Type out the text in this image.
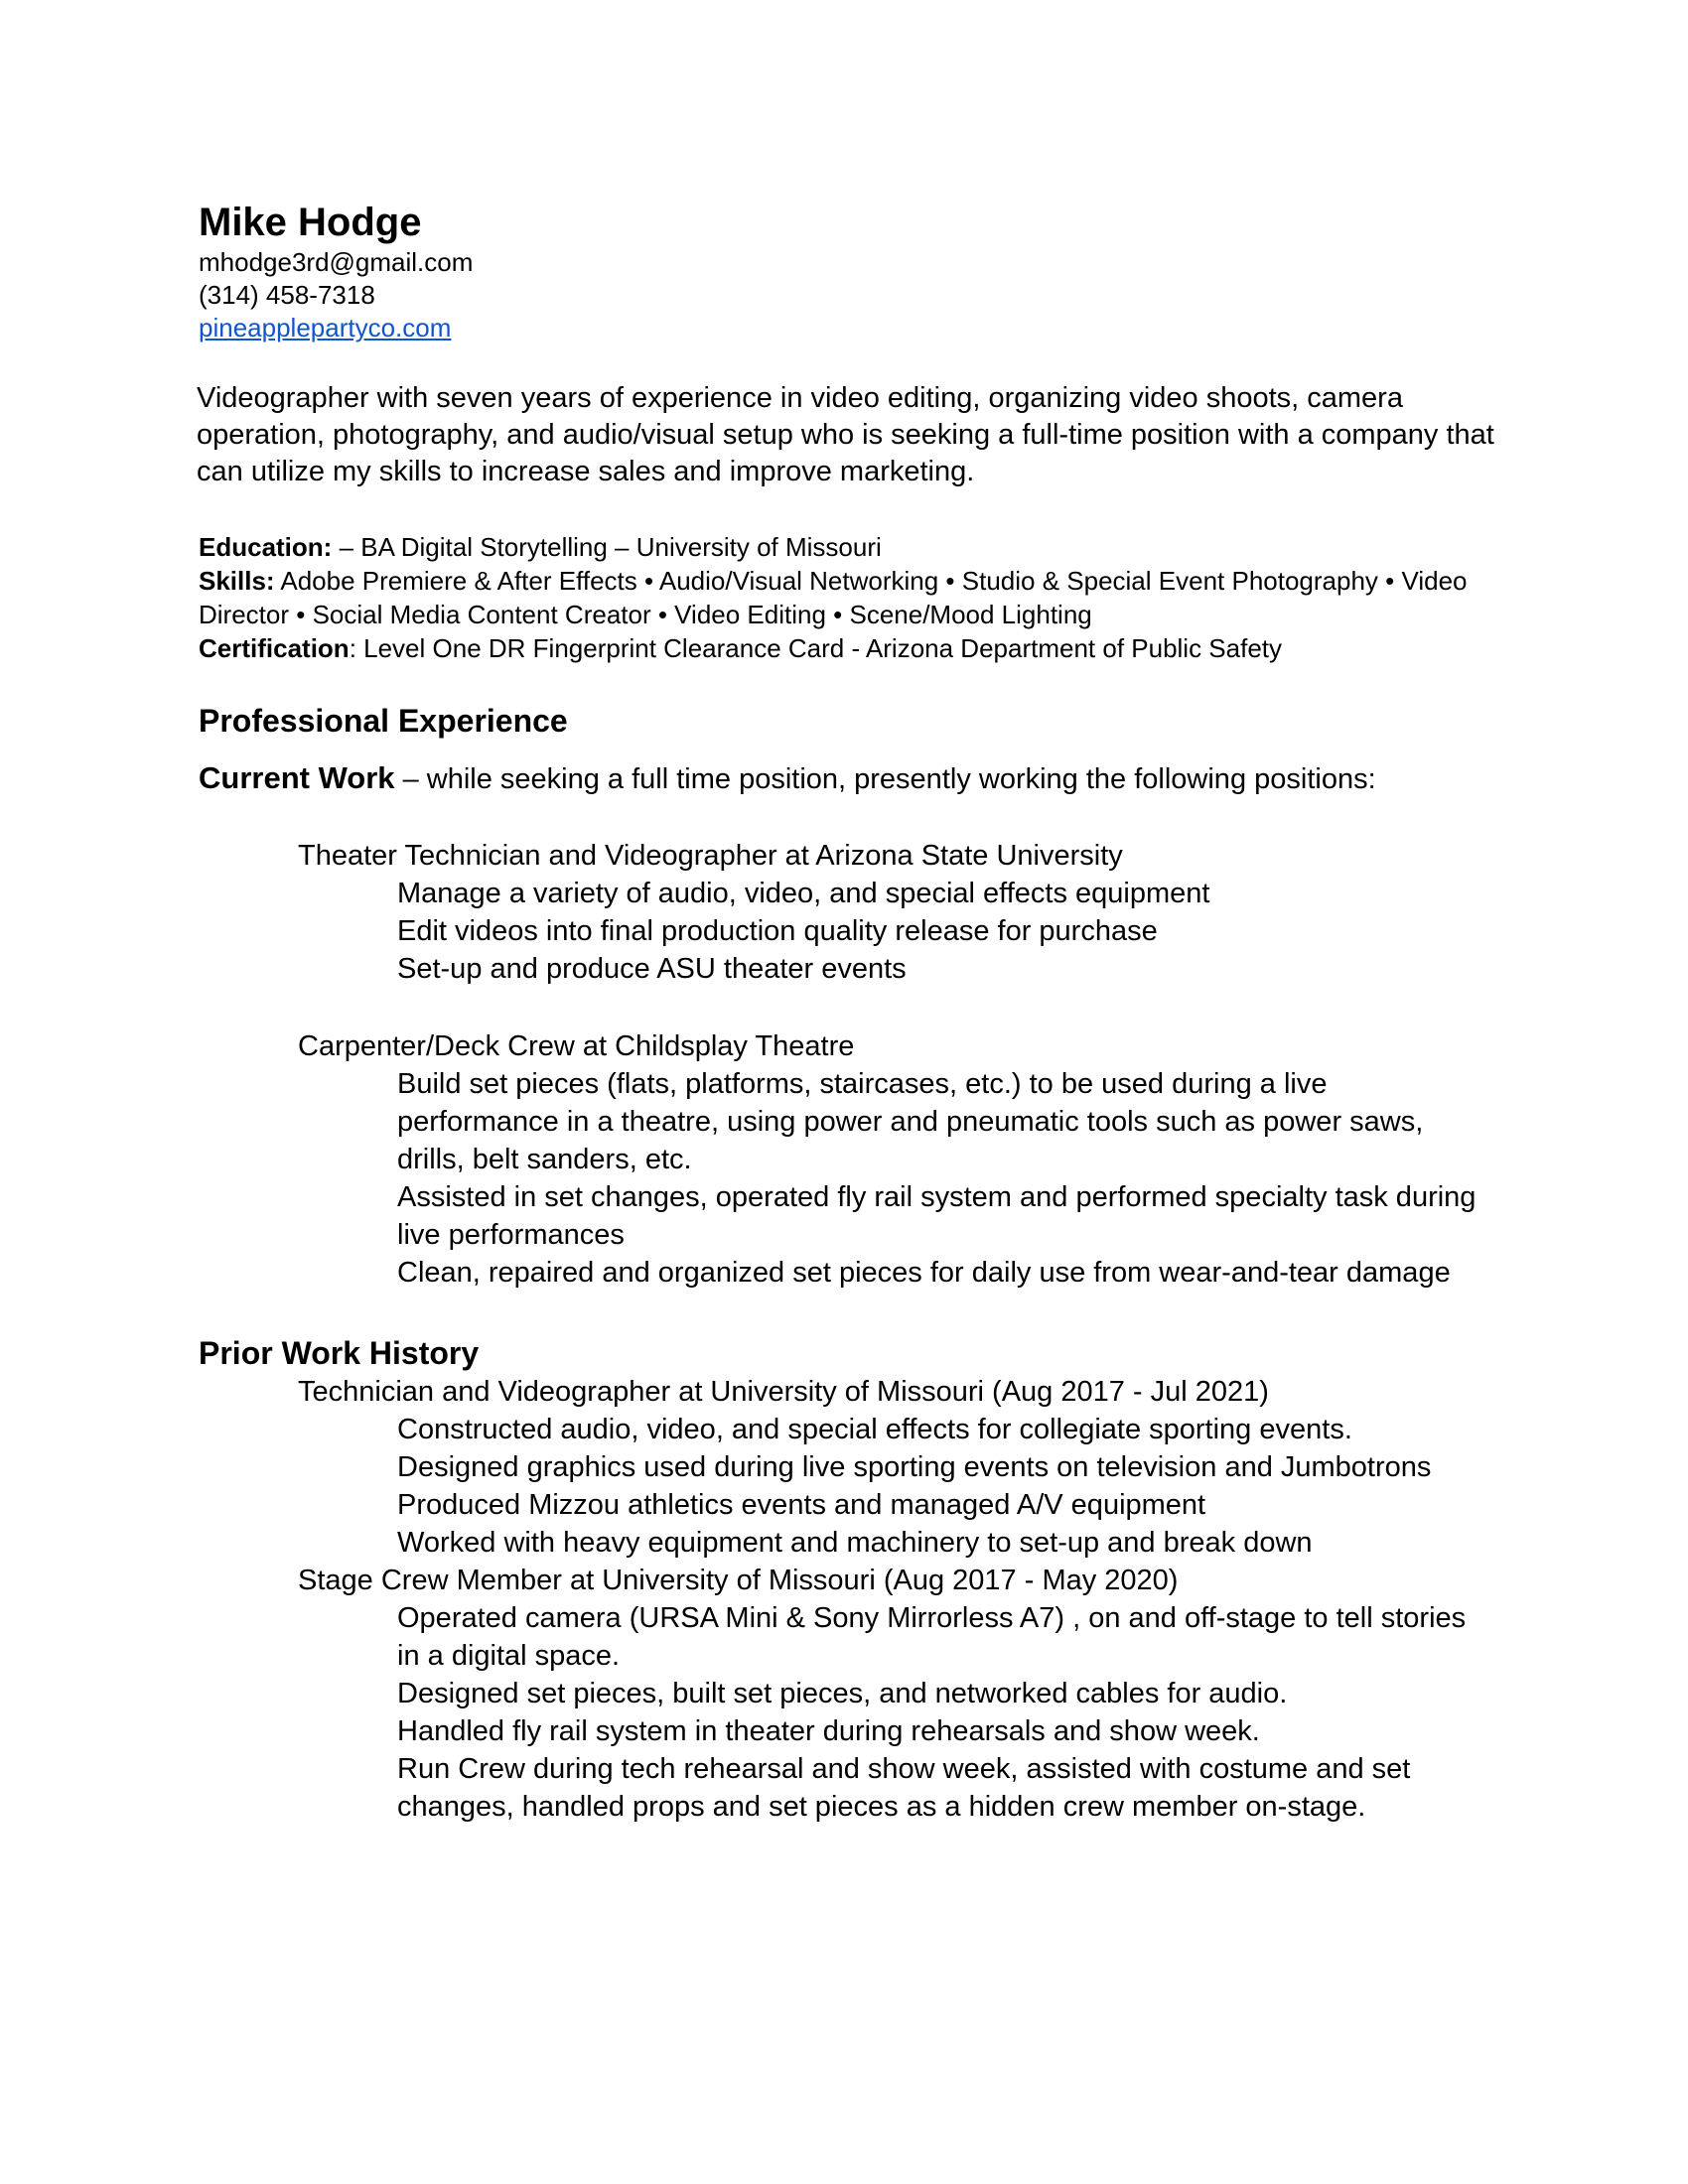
Mike Hodge
mhodge3rd@gmail.com
(314) 458-7318
pineapplepartyco.com
Videographer with seven years of experience in video editing, organizing video shoots, camera operation, photography, and audio/visual setup who is seeking a full-time position with a company that can utilize my skills to increase sales and improve marketing.
Education: – BA Digital Storytelling – University of Missouri
Skills: Adobe Premiere & After Effects • Audio/Visual Networking • Studio & Special Event Photography • Video Director • Social Media Content Creator • Video Editing • Scene/Mood Lighting
Certification: Level One DR Fingerprint Clearance Card - Arizona Department of Public Safety
Professional Experience
Current Work – while seeking a full time position, presently working the following positions:
Theater Technician and Videographer at Arizona State University
Manage a variety of audio, video, and special effects equipment
Edit videos into final production quality release for purchase
Set-up and produce ASU theater events
Carpenter/Deck Crew at Childsplay Theatre
Build set pieces (flats, platforms, staircases, etc.) to be used during a live performance in a theatre, using power and pneumatic tools such as power saws, drills, belt sanders, etc.
Assisted in set changes, operated fly rail system and performed specialty task during live performances
Clean, repaired and organized set pieces for daily use from wear-and-tear damage
Prior Work History
Technician and Videographer at University of Missouri (Aug 2017 - Jul 2021)
Constructed audio, video, and special effects for collegiate sporting events.
Designed graphics used during live sporting events on television and Jumbotrons
Produced Mizzou athletics events and managed A/V equipment
Worked with heavy equipment and machinery to set-up and break down
Stage Crew Member at University of Missouri (Aug 2017 - May 2020)
Operated camera (URSA Mini & Sony Mirrorless A7) , on and off-stage to tell stories in a digital space.
Designed set pieces, built set pieces, and networked cables for audio.
Handled fly rail system in theater during rehearsals and show week.
Run Crew during tech rehearsal and show week, assisted with costume and set changes, handled props and set pieces as a hidden crew member on-stage.
